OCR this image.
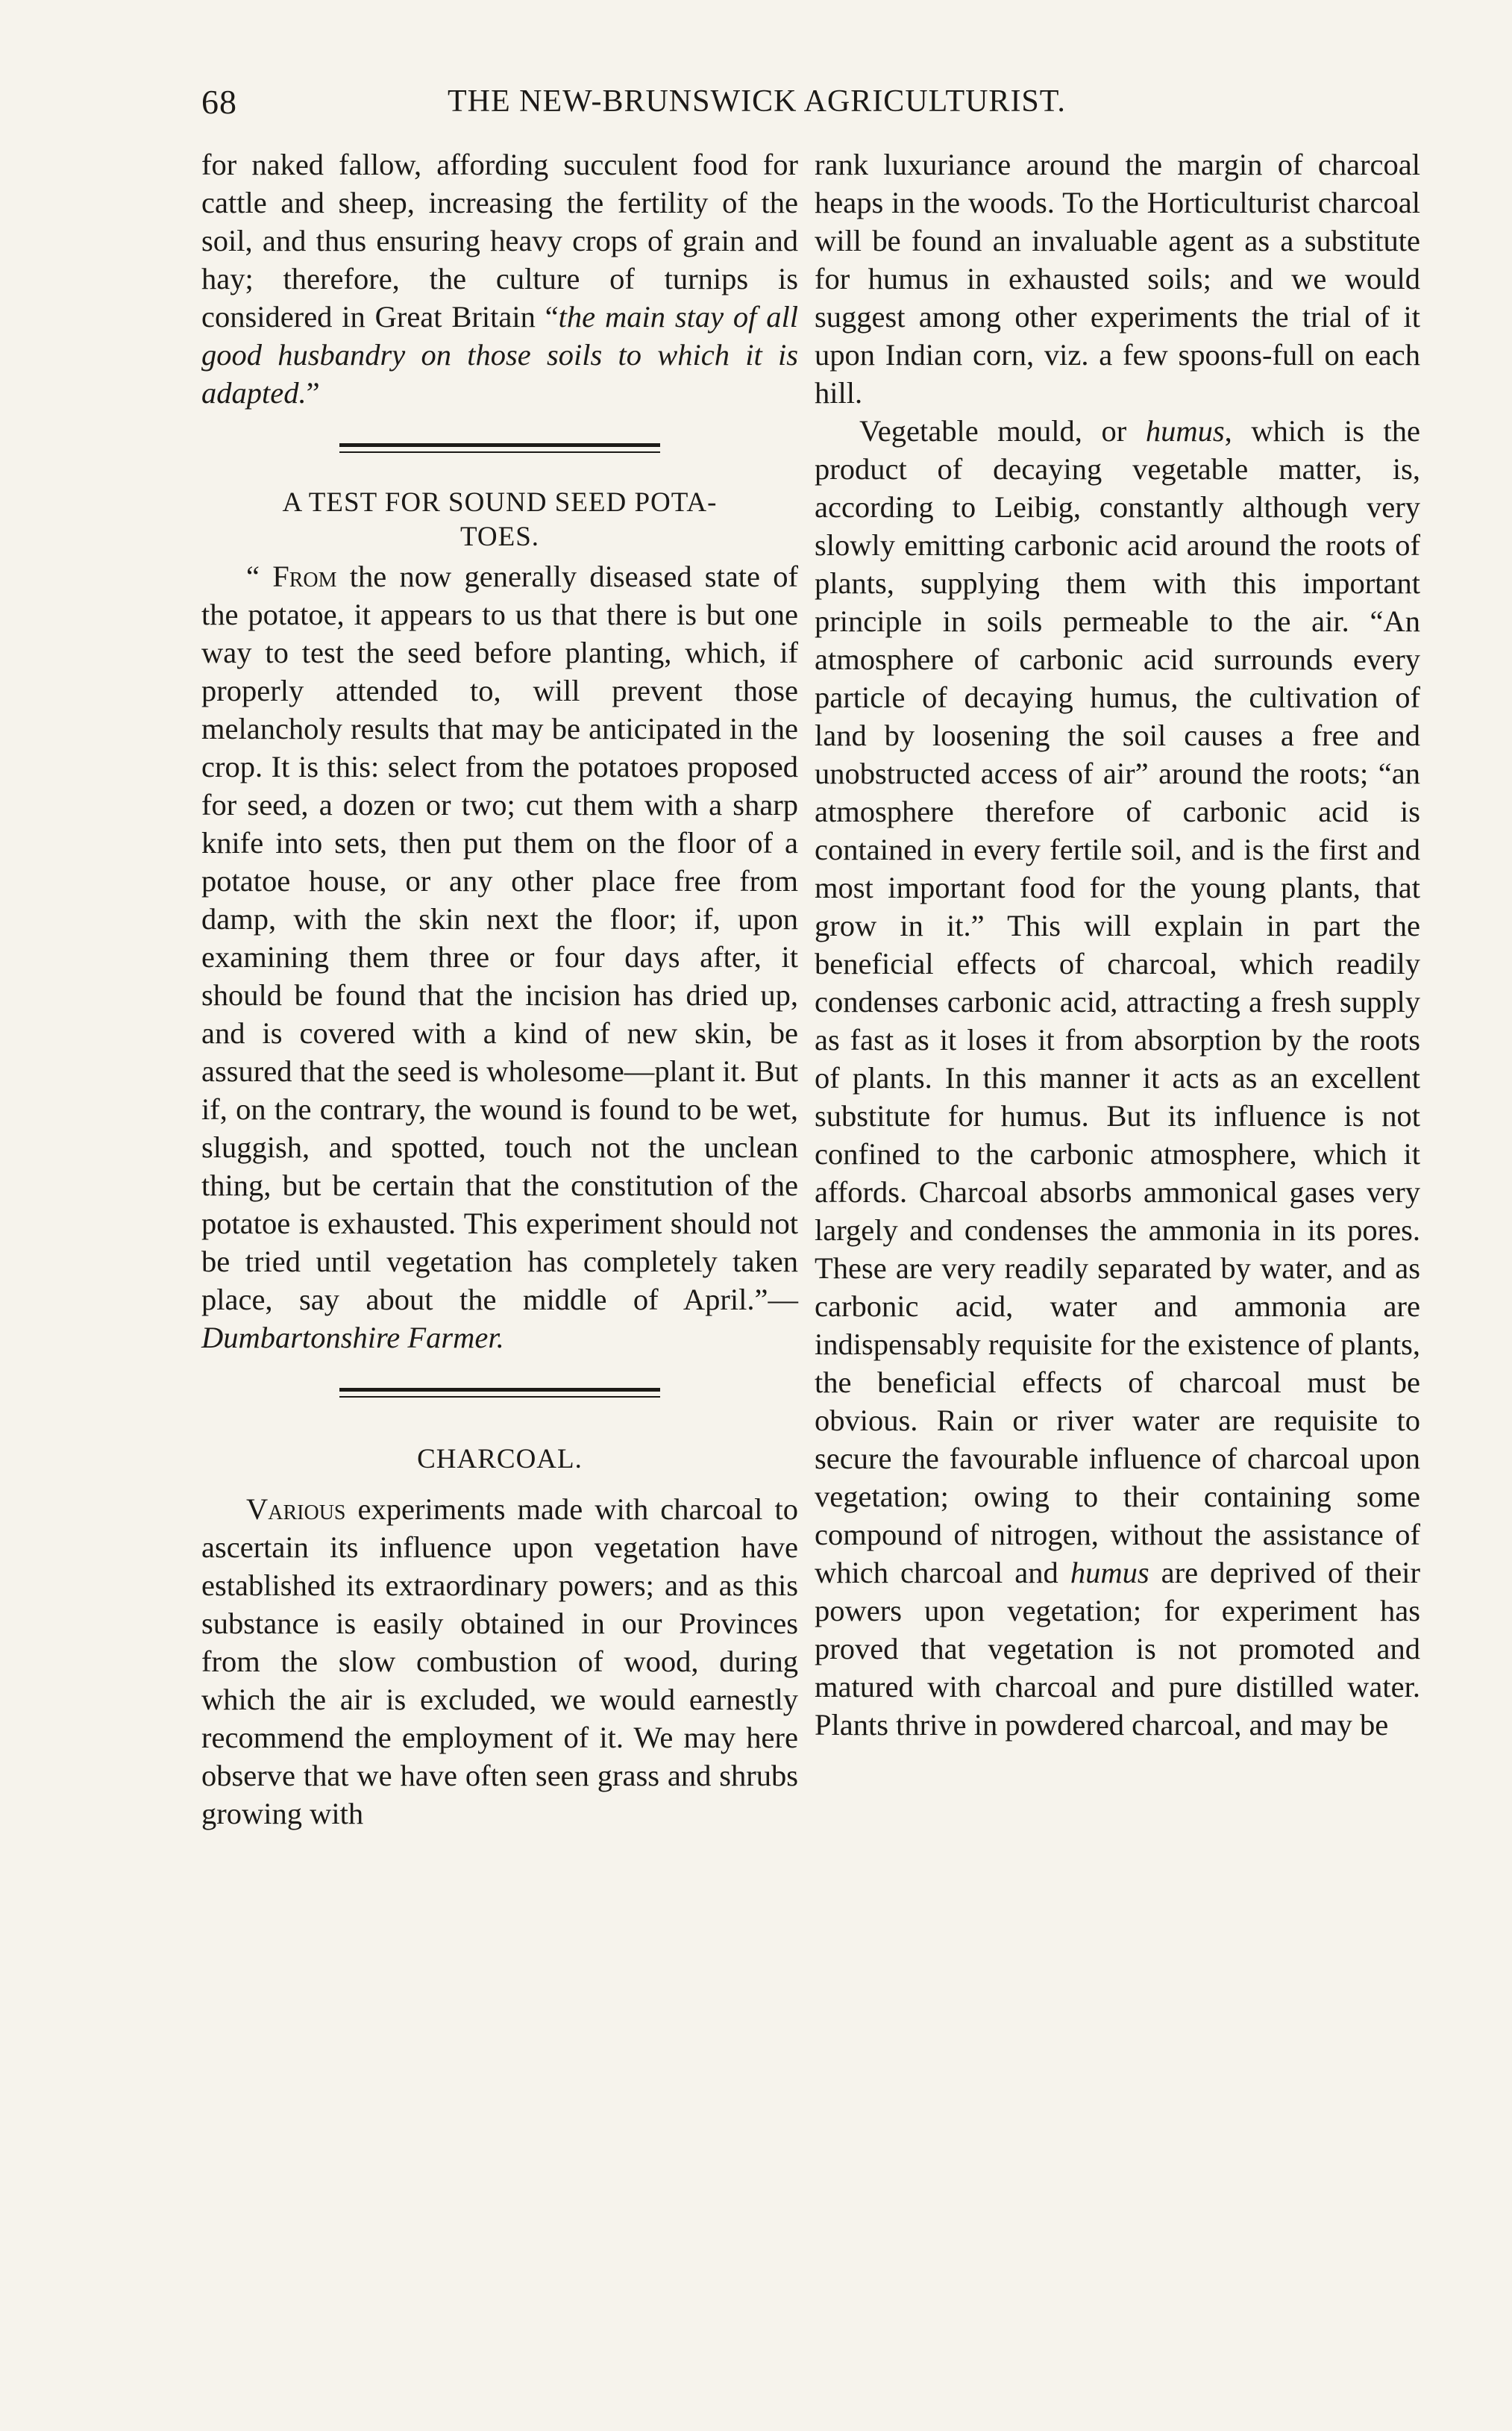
68	THE NEW-BRUNSWICK AGRICULTURIST.

for naked fallow, affording succulent food for cattle and sheep, increasing the fertility of the soil, and thus ensuring heavy crops of grain and hay; therefore, the culture of turnips is considered in Great Britain “the main stay of all good husbandry on those soils to which it is adapted.”

A TEST FOR SOUND SEED POTA-
TOES.

“ From the now generally diseased state of the potatoe, it appears to us that there is but one way to test the seed before planting, which, if properly attended to, will prevent those melancholy results that may be anticipated in the crop. It is this: select from the potatoes proposed for seed, a dozen or two; cut them with a sharp knife into sets, then put them on the floor of a potatoe house, or any other place free from damp, with the skin next the floor; if, upon examining them three or four days after, it should be found that the incision has dried up, and is covered with a kind of new skin, be assured that the seed is wholesome—plant it. But if, on the contrary, the wound is found to be wet, sluggish, and spotted, touch not the unclean thing, but be certain that the constitution of the potatoe is exhausted. This experiment should not be tried until vegetation has completely taken place, say about the middle of April.”—Dumbartonshire Farmer.

CHARCOAL.

Various experiments made with charcoal to ascertain its influence upon vegetation have established its extraordinary powers; and as this substance is easily obtained in our Provinces from the slow combustion of wood, during which the air is excluded, we would earnestly recommend the employment of it. We may here observe that we have often seen grass and shrubs growing with

rank luxuriance around the margin of charcoal heaps in the woods. To the Horticulturist charcoal will be found an invaluable agent as a substitute for humus in exhausted soils; and we would suggest among other experiments the trial of it upon Indian corn, viz. a few spoons-full on each hill.

Vegetable mould, or humus, which is the product of decaying vegetable matter, is, according to Leibig, constantly although very slowly emitting carbonic acid around the roots of plants, supplying them with this important principle in soils permeable to the air. “An atmosphere of carbonic acid surrounds every particle of decaying humus, the cultivation of land by loosening the soil causes a free and unobstructed access of air” around the roots; “an atmosphere therefore of carbonic acid is contained in every fertile soil, and is the first and most important food for the young plants, that grow in it.” This will explain in part the beneficial effects of charcoal, which readily condenses carbonic acid, attracting a fresh supply as fast as it loses it from absorption by the roots of plants. In this manner it acts as an excellent substitute for humus. But its influence is not confined to the carbonic atmosphere, which it affords. Charcoal absorbs ammonical gases very largely and condenses the ammonia in its pores. These are very readily separated by water, and as carbonic acid, water and ammonia are indispensably requisite for the existence of plants, the beneficial effects of charcoal must be obvious. Rain or river water are requisite to secure the favourable influence of charcoal upon vegetation; owing to their containing some compound of nitrogen, without the assistance of which charcoal and humus are deprived of their powers upon vegetation; for experiment has proved that vegetation is not promoted and matured with charcoal and pure distilled water. Plants thrive in powdered charcoal, and may be
